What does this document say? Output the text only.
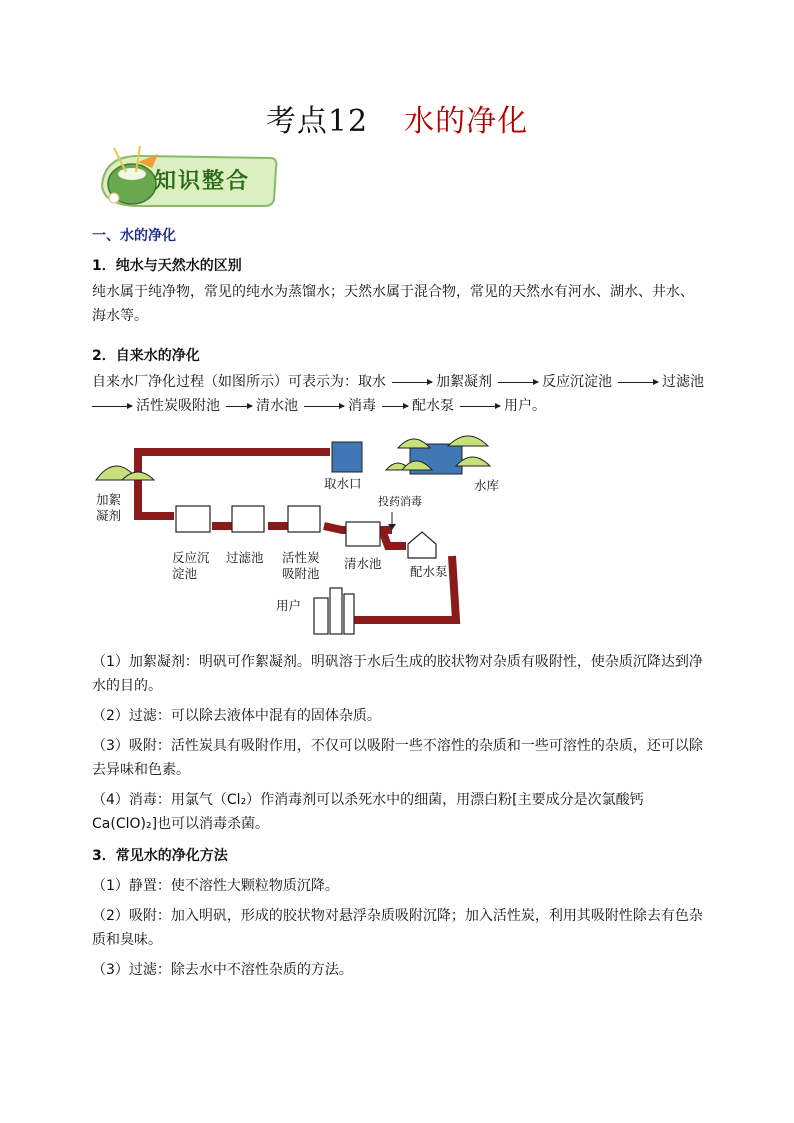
考点12 水的净化
知识整合

一、水的净化

1．纯水与天然水的区别

纯水属于纯净物，常见的纯水为蒸馏水；天然水属于混合物，常见的天然水有河水、湖水、井水、海水等。

2．自来水的净化

自来水厂净化过程（如图所示）可表示为：取水	加絮凝剂	反应沉淀池	过滤池

活性炭吸附池	清水池	消毒	配水泵	用户。

取水口	水库
加絮
凝剂
反应沉
淀池
过滤池 活性炭
吸附池
清水池
投药消毒
配水泵
用户

（1）加絮凝剂：明矾可作絮凝剂。明矾溶于水后生成的胶状物对杂质有吸附性，使杂质沉降达到净水的目的。

（2）过滤：可以除去液体中混有的固体杂质。

（3）吸附：活性炭具有吸附作用，不仅可以吸附一些不溶性的杂质和一些可溶性的杂质，还可以除去异味和色素。

（4）消毒：用氯气（Cl₂）作消毒剂可以杀死水中的细菌，用漂白粉[主要成分是次氯酸钙Ca(ClO)₂]也可以消毒杀菌。

3．常见水的净化方法

（1）静置：使不溶性大颗粒物质沉降。

（2）吸附：加入明矾，形成的胶状物对悬浮杂质吸附沉降；加入活性炭，利用其吸附性除去有色杂质和臭味。

（3）过滤：除去水中不溶性杂质的方法。
